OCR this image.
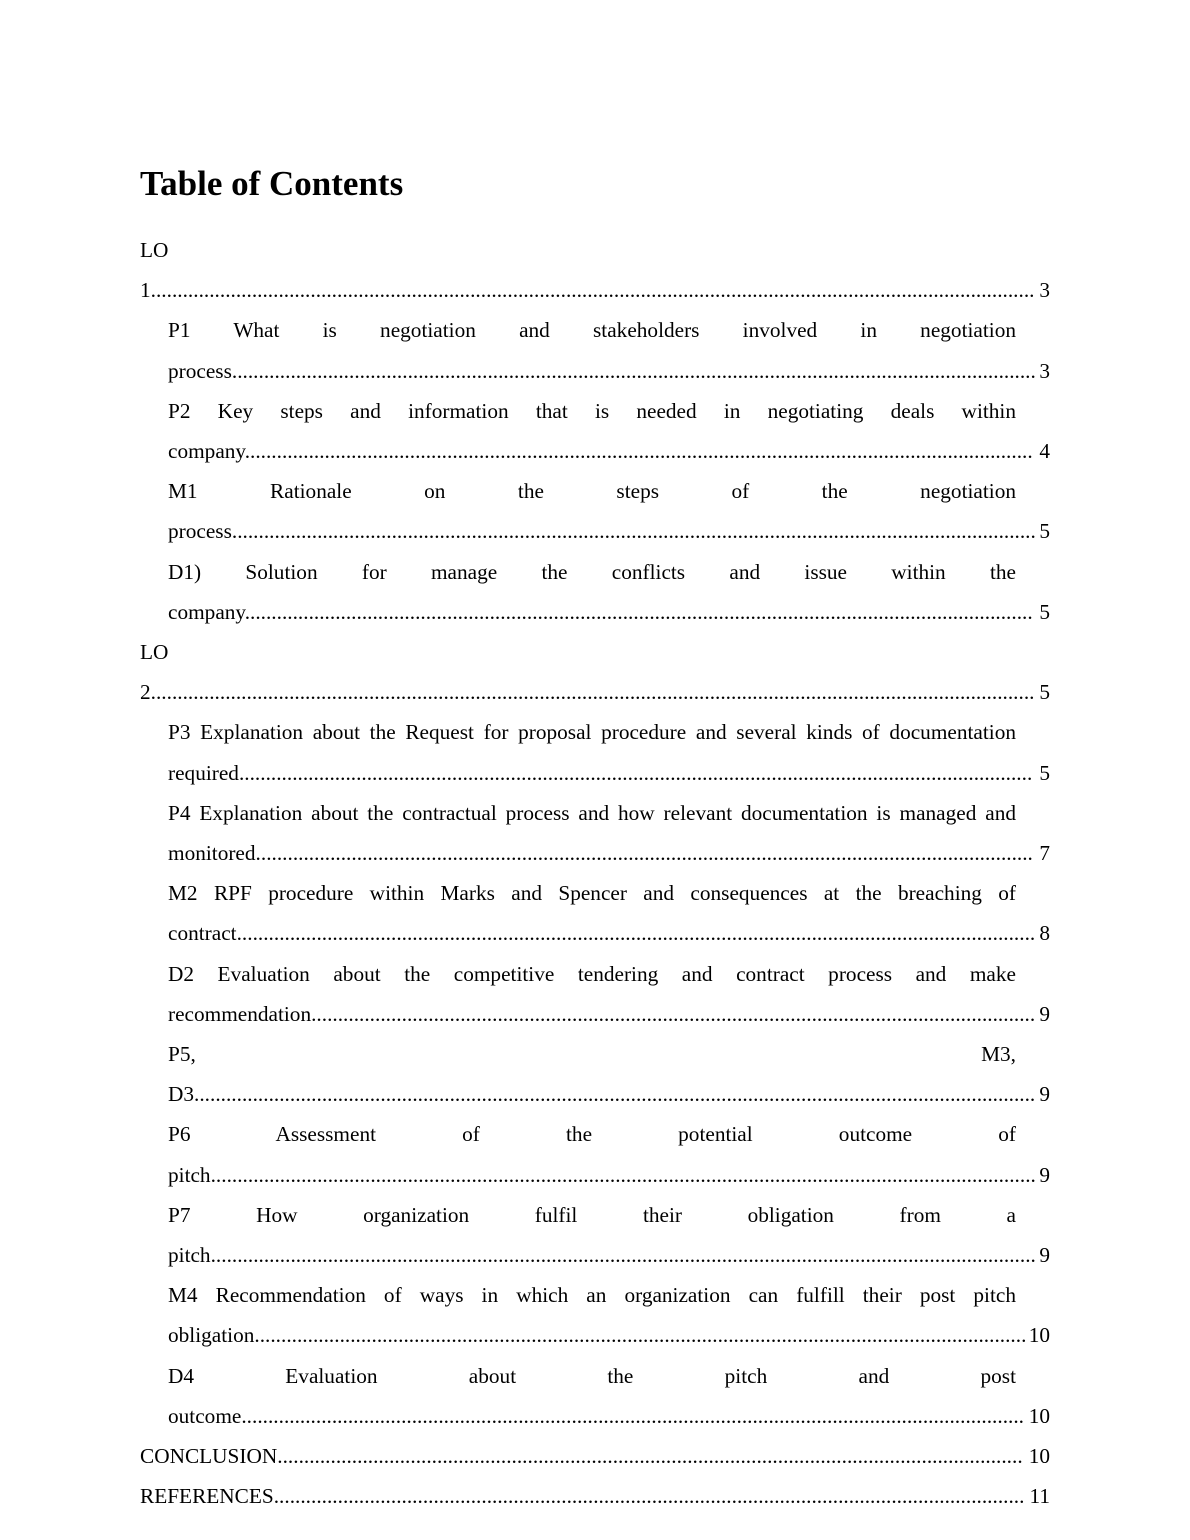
Table of Contents
LO 1...................................................................................................................................................................... 3
P1 What is negotiation and stakeholders involved in negotiation process....................................................................................................................................................... 3
P2 Key steps and information that is needed in negotiating deals within company.................................................................................................................................................... 4
M1 Rationale on the steps of the negotiation process....................................................................................................................................................... 5
D1) Solution for manage the conflicts and issue within the company.................................................................................................................................................... 5
LO 2...................................................................................................................................................................... 5
P3 Explanation about the Request for proposal procedure and several kinds of documentation required..................................................................................................................................................... 5
P4 Explanation about the contractual process and how relevant documentation is managed and monitored.................................................................................................................................................. 7
M2 RPF procedure within Marks and Spencer and consequences at the breaching of contract...................................................................................................................................................... 8
D2 Evaluation about the competitive tendering and contract process and make recommendation........................................................................................................................................ 9
P5, M3, D3.............................................................................................................................................................. 9
P6 Assessment of the potential outcome of pitch........................................................................................................................................................... 9
P7 How organization fulfil their obligation from a pitch........................................................................................................................................................... 9
M4 Recommendation of ways in which an organization can fulfill their post pitch obligation................................................................................................................................................. 10
D4 Evaluation about the pitch and post outcome................................................................................................................................................... 10
CONCLUSION............................................................................................................................................ 10
REFERENCES............................................................................................................................................. 11
